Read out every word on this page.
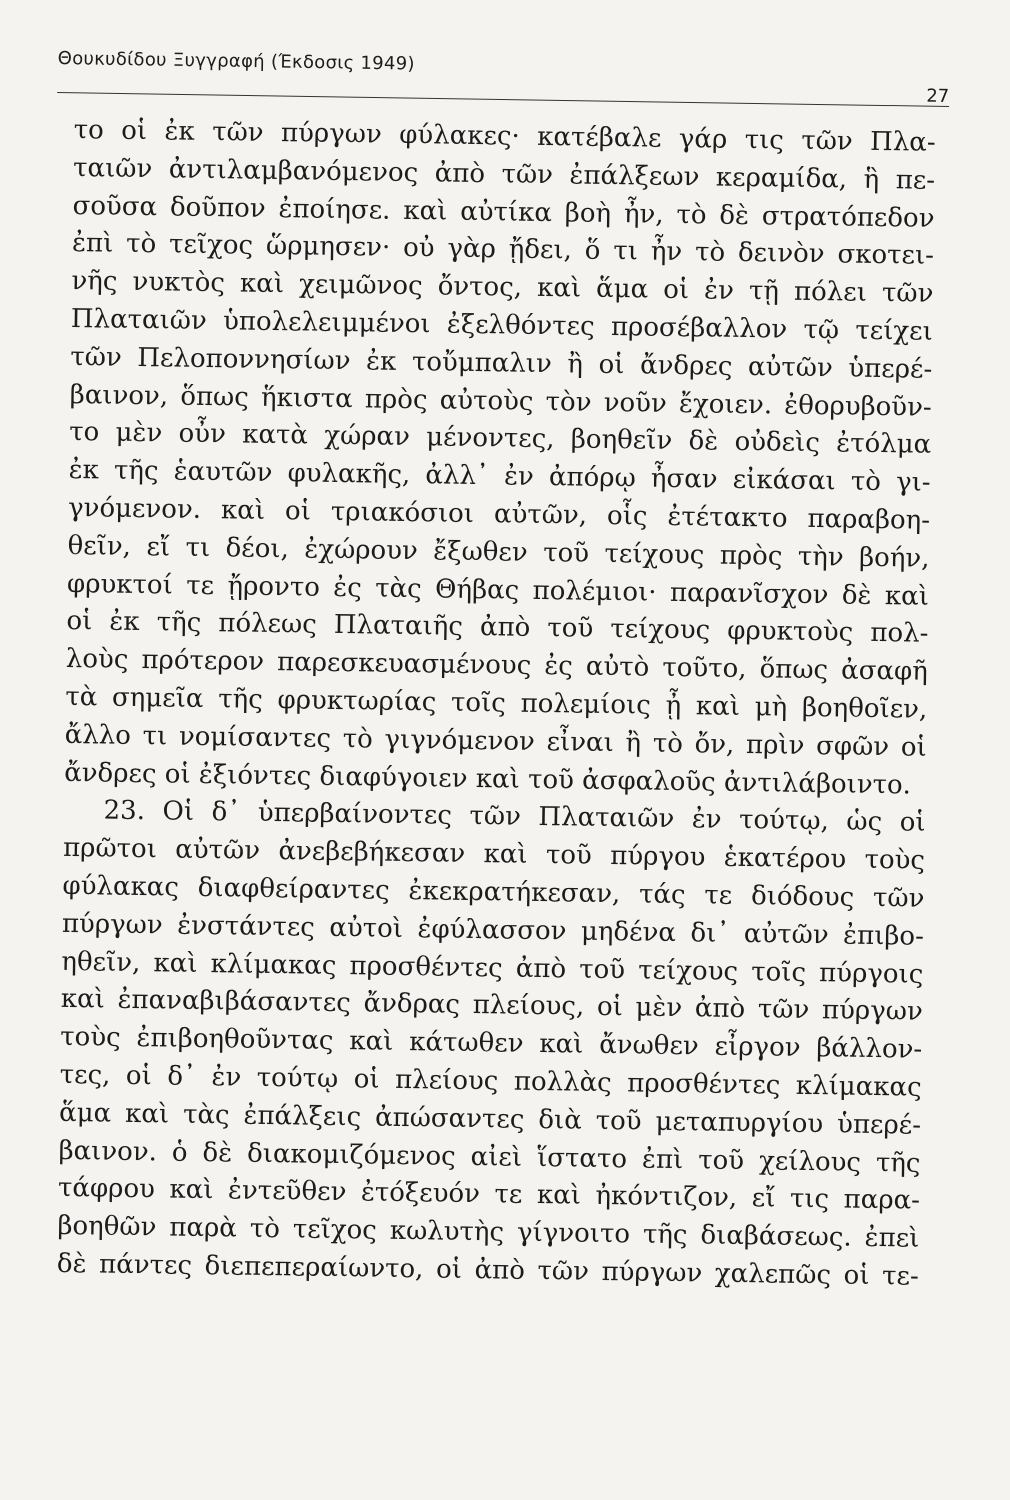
Θουκυδίδου Ξυγγραφή (Έκδοσις 1949)
27
το οἱ ἐκ τῶν πύργων φύλακες· κατέβαλε γάρ τις τῶν Πλα-
ταιῶν ἀντιλαμβανόμενος ἀπὸ τῶν ἐπάλξεων κεραμίδα, ἣ πε-
σοῦσα δοῦπον ἐποίησε. καὶ αὐτίκα βοὴ ἦν, τὸ δὲ στρατόπεδον
ἐπὶ τὸ τεῖχος ὥρμησεν· οὐ γὰρ ᾔδει, ὅ τι ἦν τὸ δεινὸν σκοτει-
νῆς νυκτὸς καὶ χειμῶνος ὄντος, καὶ ἅμα οἱ ἐν τῇ πόλει τῶν
Πλαταιῶν ὑπολελειμμένοι ἐξελθόντες προσέβαλλον τῷ τείχει
τῶν Πελοποννησίων ἐκ τοὔμπαλιν ἢ οἱ ἄνδρες αὐτῶν ὑπερέ-
βαινον, ὅπως ἥκιστα πρὸς αὐτοὺς τὸν νοῦν ἔχοιεν. ἐθορυβοῦν-
το μὲν οὖν κατὰ χώραν μένοντες, βοηθεῖν δὲ οὐδεὶς ἐτόλμα
ἐκ τῆς ἑαυτῶν φυλακῆς, ἀλλ᾽ ἐν ἀπόρῳ ἦσαν εἰκάσαι τὸ γι-
γνόμενον. καὶ οἱ τριακόσιοι αὐτῶν, οἷς ἐτέτακτο παραβοη-
θεῖν, εἴ τι δέοι, ἐχώρουν ἔξωθεν τοῦ τείχους πρὸς τὴν βοήν,
φρυκτοί τε ᾔροντο ἐς τὰς Θήβας πολέμιοι· παρανῖσχον δὲ καὶ
οἱ ἐκ τῆς πόλεως Πλαταιῆς ἀπὸ τοῦ τείχους φρυκτοὺς πολ-
λοὺς πρότερον παρεσκευασμένους ἐς αὐτὸ τοῦτο, ὅπως ἀσαφῆ
τὰ σημεῖα τῆς φρυκτωρίας τοῖς πολεμίοις ᾖ καὶ μὴ βοηθοῖεν,
ἄλλο τι νομίσαντες τὸ γιγνόμενον εἶναι ἢ τὸ ὄν, πρὶν σφῶν οἱ
ἄνδρες οἱ ἐξιόντες διαφύγοιεν καὶ τοῦ ἀσφαλοῦς ἀντιλάβοιντο.
23. Οἱ δ᾽ ὑπερβαίνοντες τῶν Πλαταιῶν ἐν τούτῳ, ὡς οἱ
πρῶτοι αὐτῶν ἀνεβεβήκεσαν καὶ τοῦ πύργου ἑκατέρου τοὺς
φύλακας διαφθείραντες ἐκεκρατήκεσαν, τάς τε διόδους τῶν
πύργων ἐνστάντες αὐτοὶ ἐφύλασσον μηδένα δι᾽ αὐτῶν ἐπιβο-
ηθεῖν, καὶ κλίμακας προσθέντες ἀπὸ τοῦ τείχους τοῖς πύργοις
καὶ ἐπαναβιβάσαντες ἄνδρας πλείους, οἱ μὲν ἀπὸ τῶν πύργων
τοὺς ἐπιβοηθοῦντας καὶ κάτωθεν καὶ ἄνωθεν εἶργον βάλλον-
τες, οἱ δ᾽ ἐν τούτῳ οἱ πλείους πολλὰς προσθέντες κλίμακας
ἅμα καὶ τὰς ἐπάλξεις ἀπώσαντες διὰ τοῦ μεταπυργίου ὑπερέ-
βαινον. ὁ δὲ διακομιζόμενος αἰεὶ ἵστατο ἐπὶ τοῦ χείλους τῆς
τάφρου καὶ ἐντεῦθεν ἐτόξευόν τε καὶ ἠκόντιζον, εἴ τις παρα-
βοηθῶν παρὰ τὸ τεῖχος κωλυτὴς γίγνοιτο τῆς διαβάσεως. ἐπεὶ
δὲ πάντες διεπεπεραίωντο, οἱ ἀπὸ τῶν πύργων χαλεπῶς οἱ τε-
